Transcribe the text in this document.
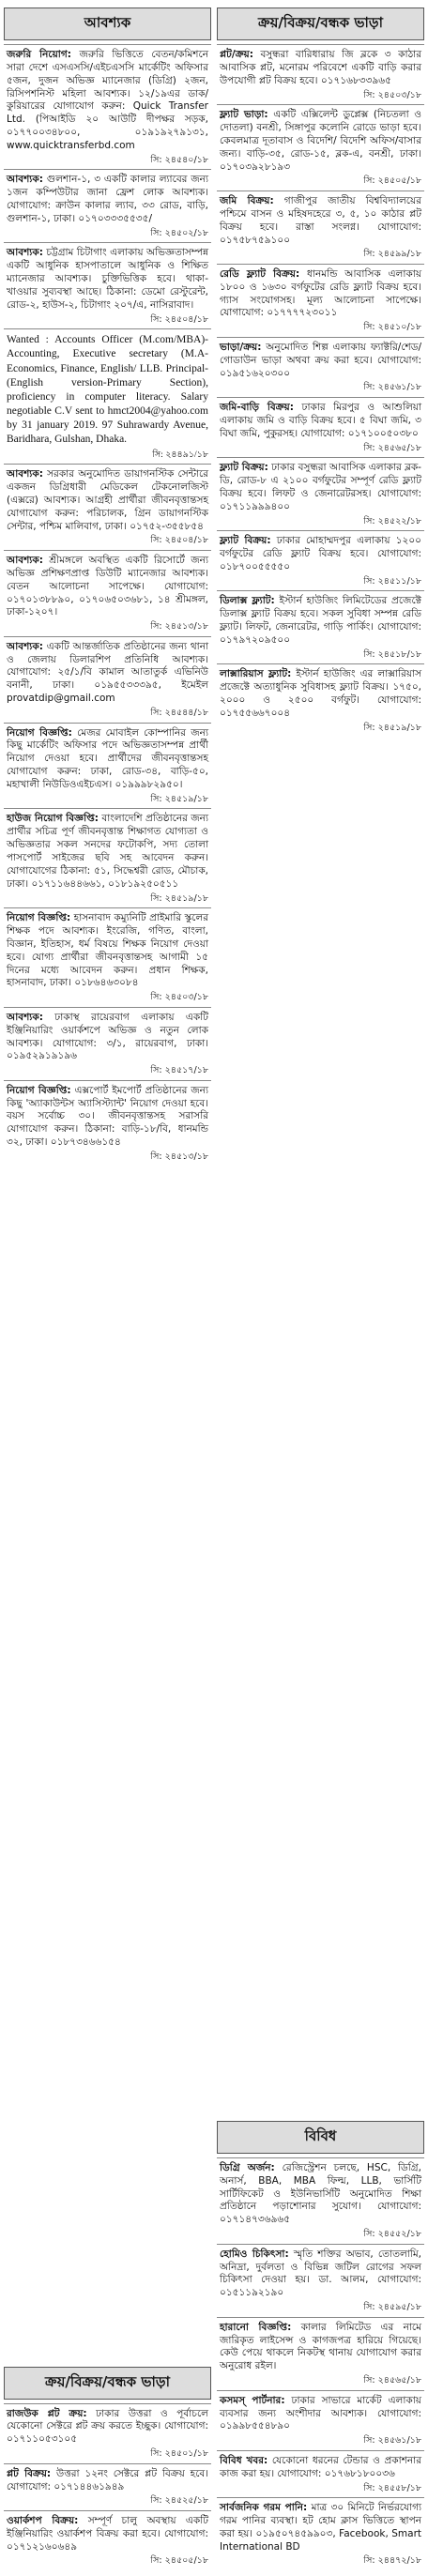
আবশ্যক
জরুরি নিয়োগ: জরুরি ভিত্তিতে বেতন/কমিশনে সারা দেশে এসএসসি/এইচএসসি মার্কেটিং অফিসার ৫জন, দুজন অভিজ্ঞ ম্যানেজার (ডিগ্রি) ২জন, রিসিপশনিস্ট মহিলা আবশ্যক। ১২/১৯এর ডাক/ কুরিয়ারের যোগাযোগ করুন: Quick Transfer Ltd. (পিআইডি ২০ আউটি দীপক্ষর সড়ক, ০১৭৭০০৩৪৮০০, ০১৯১৯২৭৯১৩১, www.quicktransferbd.com
সি: ২৪৫৪০/১৮
আবশ্যক: গুলশান-১, ৩ একটি কালার ল্যাবের জন্য ১জন কম্পিউটার জানা ফ্রেশ লোক আবশ্যক। যোগাযোগ: ক্রাউন কালার ল্যাব, ৩৩ রোড, বাড়ি, গুলশান-১, ঢাকা। ০১৭০৩৩৩৫৫৩৫/
সি: ২৪৫০২/১৮
আবশ্যক: চট্টগ্রাম চিটাগাং এলাকায় অভিজ্ঞতাসম্পন্ন একটি আধুনিক হাসপাতালে আধুনিক ও শিক্ষিত ম্যানেজার আবশ্যক। চুক্তিভিত্তিক হবে। থাকা-খাওয়ার সুব্যবস্থা আছে। ঠিকানা: ডেমো রেস্টুরেন্ট, রোড-২, হাউস-২, চিটাগাং ২০৭/এ, নাসিরাবাদ।
সি: ২৪৫০৪/১৮
Wanted : Accounts Officer (M.com/MBA)-Accounting, Executive secretary (M.A-Economics, Finance, English/ LLB. Principal-(English version-Primary Section), proficiency in computer literacy. Salary negotiable C.V sent to hmct2004@yahoo.com by 31 january 2019. 97 Suhrawardy Avenue, Baridhara, Gulshan, Dhaka.
সি: ২৪৪৯১/১৮
আবশ্যক: সরকার অনুমোদিত ডায়াগনস্টিক সেন্টারে একজন ডিগ্রিধারী মেডিকেল টেকনোলজিস্ট (এক্সরে) আবশ্যক। আগ্রহী প্রার্থীরা জীবনবৃত্তান্তসহ যোগাযোগ করুন: পরিচালক, গ্রিন ডায়াগনস্টিক সেন্টার, পশ্চিম মালিবাগ, ঢাকা। ০১৭৫২-৩৫৫৮৫৪
সি: ২৪৫০৪/১৮
আবশ্যক: শ্রীমঙ্গলে অবস্থিত একটি রিসোর্টে জন্য অভিজ্ঞ প্রশিক্ষণপ্রাপ্ত ডিউটি ম্যানেজার আবশ্যক। বেতন আলোচনা সাপেক্ষে। যোগাযোগ: ০১৭০১৩৮৮৯০, ০১৭০৬৫০৩৬৮১, ১৪ শ্রীমঙ্গল, ঢাকা-১২০৭।
সি: ২৪৫১৩/১৮
আবশ্যক: একটি আন্তর্জাতিক প্রতিষ্ঠানের জন্য থানা ও জেলায় ডিলারশিপ প্রতিনিধি আবশ্যক। যোগাযোগ: ২৫/১/বি কামাল আতাতুর্ক এভিনিউ বনানী, ঢাকা। ০১৯৫৫৩৩৩৯৫, ইমেইল provatdip@gmail.com
সি: ২৪৫৪৪/১৮
নিয়োগ বিজ্ঞপ্তি: মেজর মোবাইল কোম্পানির জন্য কিছু মার্কেটিং অফিসার পদে অভিজ্ঞতাসম্পন্ন প্রার্থী নিয়োগ দেওয়া হবে। প্রার্থীদের জীবনবৃত্তান্তসহ যোগাযোগ করুন: ঢাকা, রোড-৩৪, বাড়ি-৫০, মহাখালী নিউডিওএইচএস। ০১৯৯৯৮২৯৫০।
সি: ২৪৫১৯/১৮
হাউজ নিয়োগ বিজ্ঞপ্তি: বাংলাদেশি প্রতিষ্ঠানের জন্য প্রার্থীর সচিত্র পূর্ণ জীবনবৃত্তান্ত শিক্ষাগত যোগ্যতা ও অভিজ্ঞতার সকল সনদের ফটোকপি, সদ্য তোলা পাসপোর্ট সাইজের ছবি সহ আবেদন করুন। যোগাযোগের ঠিকানা: ৫১, সিদ্ধেশ্বরী রোড, মৌচাক, ঢাকা। ০১৭১১৬৪৪৬৬১, ০১৮১৯২৫০৫১১
সি: ২৪৫১৯/১৮
নিয়োগ বিজ্ঞপ্তি: হাসনাবাদ কম্যুনিটি প্রাইমারি স্কুলের শিক্ষক পদে আবশ্যক। ইংরেজি, গণিত, বাংলা, বিজ্ঞান, ইতিহাস, ধর্ম বিষয়ে শিক্ষক নিয়োগ দেওয়া হবে। যোগ্য প্রার্থীরা জীবনবৃত্তান্তসহ আগামী ১৫ দিনের মধ্যে আবেদন করুন। প্রধান শিক্ষক, হাসনাবাদ, ঢাকা। ০১৮৬৪৬৩০৮৪
সি: ২৪৫০৩/১৮
আবশ্যক: ঢাকাস্থ রায়েরবাগ এলাকায় একটি ইঞ্জিনিয়ারিং ওয়ার্কশপে অভিজ্ঞ ও নতুন লোক আবশ্যক। যোগাযোগ: ৩/১, রায়েরবাগ, ঢাকা। ০১৯৫২৯১৯১৯৬
সি: ২৪৫১৭/১৮
নিয়োগ বিজ্ঞপ্তি: এক্সপোর্ট ইমপোর্ট প্রতিষ্ঠানের জন্য কিছু 'অ্যাকাউন্টস অ্যাসিস্ট্যান্ট' নিয়োগ দেওয়া হবে। বয়স সর্বোচ্চ ৩০। জীবনবৃত্তান্তসহ সরাসরি যোগাযোগ করুন। ঠিকানা: বাড়ি-১৮/বি, ধানমন্ডি ৩২, ঢাকা। ০১৮৭৩৪৬৬১৫৪
সি: ২৪৫১৩/১৮
ক্রয়/বিক্রয়/বন্ধক ভাড়া
রাজউক প্লট ক্রয়: ঢাকার উত্তরা ও পূর্বাচলে যেকোনো সেক্টরে প্লট ক্রয় করতে ইচ্ছুক। যোগাযোগ: ০১৭১১০৫৩১০৫
সি: ২৪৫০১/১৮
প্লট বিক্রয়: উত্তরা ১২নং সেক্টরে প্লট বিক্রয় হবে। যোগাযোগ: ০১৭১৪৪৬১৯৪৯
সি: ২৪৫২৫/১৮
ওয়ার্কশপ বিক্রয়: সম্পূর্ণ চালু অবস্থায় একটি ইঞ্জিনিয়ারিং ওয়ার্কশপ বিক্রয় করা হবে। যোগাযোগ: ০১৭১২১৬০৬৪৯
সি: ২৪৫০৫/১৮
ক্রয়/বিক্রয়/বন্ধক ভাড়া
প্লট/ক্রয়: বসুন্ধরা বারিধারায় জি ব্লকে ৩ কাঠার আবাসিক প্লট, মনোরম পরিবেশে একটি বাড়ি করার উপযোগী প্লট বিক্রয় হবে। ০১৭১৬৮৩৩৯৬৫
সি: ২৪৫০৩/১৮
ফ্ল্যাট ভাড়া: একটি এক্সিলেন্ট ডুপ্লেক্স (নিচতলা ও দোতলা) বনশ্রী, সিঙ্গাপুর কলোনি রোডে ভাড়া হবে। কেবলমাত্র দূতাবাস ও বিদেশি/ বিদেশি অফিস/বাসার জন্য। বাড়ি-৩৫, রোড-১৫, ব্লক-এ, বনশ্রী, ঢাকা। ০১৭০৩৯২৮১৯৩
সি: ২৪৫০৫/১৮
জমি বিক্রয়: গাজীপুর জাতীয় বিশ্ববিদ্যালয়ের পশ্চিমে বাসন ও মহিষদহেরে ৩, ৫, ১০ কাঠার প্লট বিক্রয় হবে। রাস্তা সংলগ্ন। যোগাযোগ: ০১৭৫৮৭৫৯১০০
সি: ২৪৫৯৯/১৮
রেডি ফ্ল্যাট বিক্রয়: ধানমন্ডি আবাসিক এলাকায় ১৮০০ ও ১৬৩০ বর্গফুটের রেডি ফ্ল্যাট বিক্রয় হবে। গ্যাস সংযোগসহ। মূল্য আলোচনা সাপেক্ষে। যোগাযোগ: ০১৭৭৭৭২৩০১১
সি: ২৪৫১০/১৮
ভাড়া/ক্রয়: অনুমোদিত শিল্প এলাকায় ফ্যাক্টরি/শেড/গোডাউন ভাড়া অথবা ক্রয় করা হবে। যোগাযোগ: ০১৯৫১৬২০৩০০
সি: ২৪৫৬১/১৮
জমি-বাড়ি বিক্রয়: ঢাকার মিরপুর ও আশুলিয়া এলাকায় জমি ও বাড়ি বিক্রয় হবে। ৫ বিঘা জমি, ৩ বিঘা জমি, পুকুরসহ। যোগাযোগ: ০১৭১০০৫০৩৮০
সি: ২৪৫৬৫/১৮
ফ্ল্যাট বিক্রয়: ঢাকার বসুন্ধরা আবাসিক এলাকার ব্লক-ডি, রোড-৮ এ ২১০০ বর্গফুটের সম্পূর্ণ রেডি ফ্ল্যাট বিক্রয় হবে। লিফট ও জেনারেটরসহ। যোগাযোগ: ০১৭১১৯৯৯৪০০
সি: ২৪৫২২/১৮
ফ্ল্যাট বিক্রয়: ঢাকার মোহাম্মদপুর এলাকায় ১২০০ বর্গফুটের রেডি ফ্ল্যাট বিক্রয় হবে। যোগাযোগ: ০১৮৭০০৫৫৫৫০
সি: ২৪৫১১/১৮
ডিলাক্স ফ্ল্যাট: ইস্টার্ন হাউজিং লিমিটেডের প্রজেক্টে ডিলাক্স ফ্ল্যাট বিক্রয় হবে। সকল সুবিধা সম্পন্ন রেডি ফ্ল্যাট। লিফট, জেনারেটর, গাড়ি পার্কিং। যোগাযোগ: ০১৭৯৭২০৯৫০০
সি: ২৪৫১৮/১৮
লাক্সারিয়াস ফ্ল্যাট: ইস্টার্ন হাউজিং এর লাক্সারিয়াস প্রজেক্টে অত্যাধুনিক সুবিধাসহ ফ্ল্যাট বিক্রয়। ১৭৫০, ২০০০ ও ২৫০০ বর্গফুট। যোগাযোগ: ০১৭৫৫৬৬৭০০৪
সি: ২৪৫১৯/১৮
বিবিধ
ডিগ্রি অর্জন: রেজিস্ট্রেশন চলছে, HSC, ডিগ্রি, অনার্স, BBA, MBA ফিল্ম, LLB, ভার্সিটি সার্টিফিকেট ও ইউনিভার্সিটি অনুমোদিত শিক্ষা প্রতিষ্ঠানে পড়াশোনার সুযোগ। যোগাযোগ: ০১৭১৪৭৩৬৯৬৫
সি: ২৪৫৫২/১৮
হোমিও চিকিৎসা: স্মৃতি শক্তির অভাব, তোতলামি, অনিদ্রা, দুর্বলতা ও বিভিন্ন জটিল রোগের সফল চিকিৎসা দেওয়া হয়। ডা. আলম, যোগাযোগ: ০১৫১১৯২১৯০
সি: ২৪৫৯৫/১৮
হারানো বিজ্ঞপ্তি: কালার লিমিটেড এর নামে জারিকৃত লাইসেন্স ও কাগজপত্র হারিয়ে গিয়েছে। কেউ পেয়ে থাকলে নিকটস্থ থানায় যোগাযোগ করার অনুরোধ রইল।
সি: ২৪৫৬৫/১৮
কসমস্ পার্টনার: ঢাকার সাভারে মার্কেট এলাকায় ব্যবসার জন্য অংশীদার আবশ্যক। যোগাযোগ: ০১৯৯৮৫৫৪৮৯০
সি: ২৪৫৬১/১৮
বিবিধ খবর: যেকোনো ধরনের টেন্ডার ও প্রকাশনার কাজ করা হয়। যোগাযোগ: ০১৭৬৮১৮০০৩৬
সি: ২৪৫৫৮/১৮
সার্বজনিক গরম পানি: মাত্র ৩০ মিনিটে নির্ভরযোগ্য গরম পানির ব্যবস্থা। হট হোম ক্লাস ভিত্তিতে স্থাপন করা হয়। ০১৯৫০৭৪৫৯৯০৩, Facebook, Smart International BD
সি: ২৪৪৭২/১৮
